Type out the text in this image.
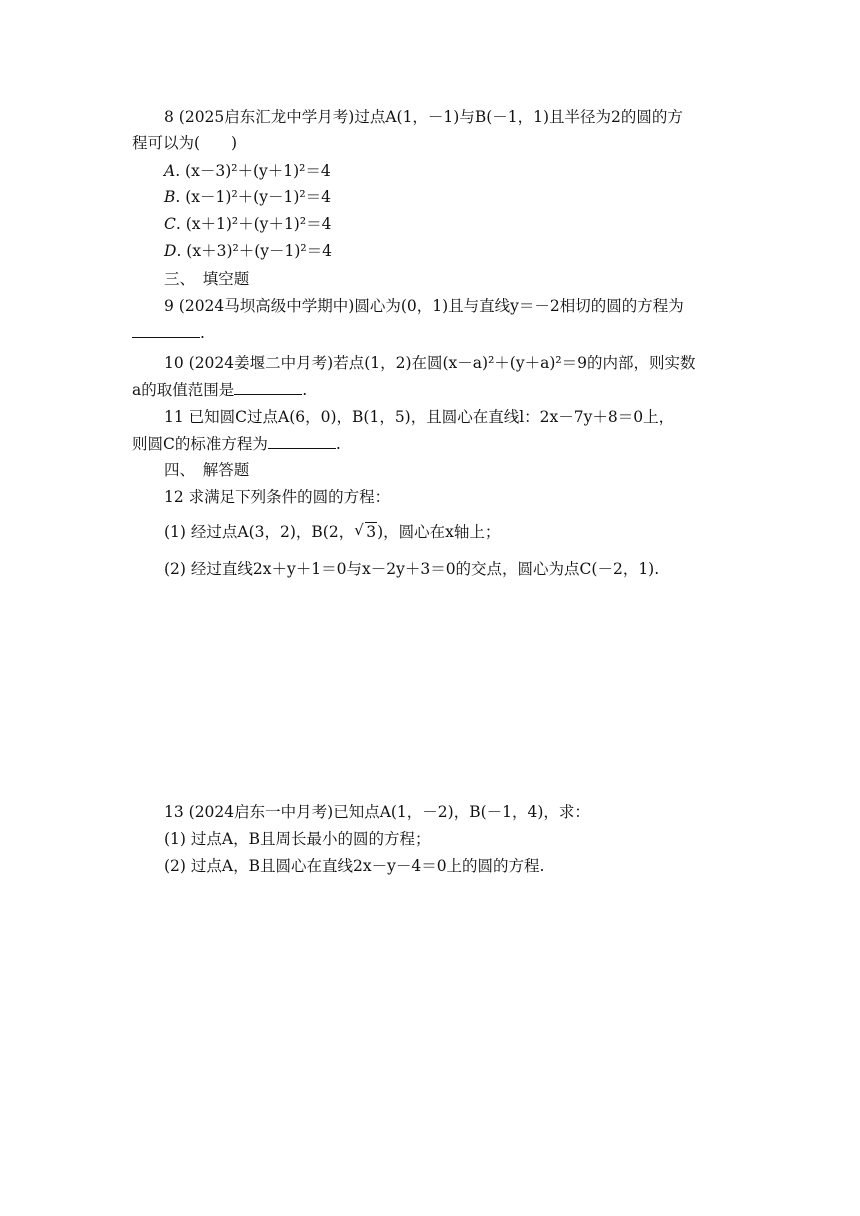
8 (2025启东汇龙中学月考)过点A(1，－1)与B(－1，1)且半径为2的圆的方
程可以为(　　)
A. (x－3)²＋(y＋1)²＝4
B. (x－1)²＋(y－1)²＝4
C. (x＋1)²＋(y＋1)²＝4
D. (x＋3)²＋(y－1)²＝4
三、　填空题
9 (2024马坝高级中学期中)圆心为(0，1)且与直线y＝－2相切的圆的方程为
.
10 (2024姜堰二中月考)若点(1，2)在圆(x－a)²＋(y＋a)²＝9的内部，则实数
a的取值范围是	.
11 已知圆C过点A(6，0)，B(1，5)，且圆心在直线l：2x－7y＋8＝0上，
则圆C的标准方程为	.
四、　解答题
12 求满足下列条件的圆的方程：
(1) 经过点A(3，2)，B(2，√ 3)，圆心在x轴上；
(2) 经过直线2x＋y＋1＝0与x－2y＋3＝0的交点，圆心为点C(－2，1).
13 (2024启东一中月考)已知点A(1，－2)，B(－1，4)，求：
(1) 过点A，B且周长最小的圆的方程；
(2) 过点A，B且圆心在直线2x－y－4＝0上的圆的方程.
